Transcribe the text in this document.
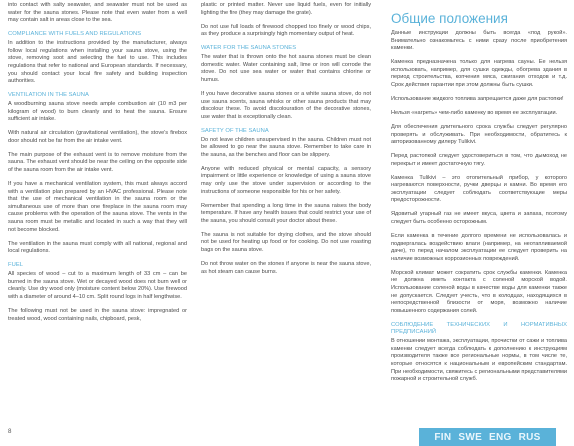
into contact with salty seawater, and seawater must not be used as water for the sauna stones. Please note that even water from a well may contain salt in areas close to the sea.

COMPLIANCE WITH FUELS AND REGULATIONS

In addition to the instructions provided by the manufacturer, always follow local regulations when installing your sauna stove, using the stove, removing soot and selecting the fuel to use. This includes regulations that refer to national and European standards. If necessary, you should contact your local fire safety and building inspection authorities.

VENTILATION IN THE SAUNA

A woodburning sauna stove needs ample combustion air (10 m3 per kilogram of wood) to burn cleanly and to heat the sauna. Ensure sufficient air intake.

With natural air circulation (gravitational ventilation), the stove's firebox door should not be far from the air intake vent.

The main purpose of the exhaust vent is to remove moisture from the sauna. The exhaust vent should be near the ceiling on the opposite side of the sauna room from the air intake vent.

If you have a mechanical ventilation system, this must always accord with a ventilation plan prepared by an HVAC professional. Please note that the use of mechanical ventilation in the sauna room or the simultaneous use of more than one fireplace in the sauna room may cause problems with the operation of the sauna stove. The vents in the sauna room must be metallic and located in such a way that they will not become blocked.

The ventilation in the sauna must comply with all national, regional and local regulations.

FUEL

All species of wood – cut to a maximum length of 33 cm – can be burned in the sauna stove. Wet or decayed wood does not burn well or cleanly. Use dry wood only (moisture content below 20%). Use firewood with a diameter of around 4–10 cm. Split round logs in half lengthwise.

The following must not be used in the sauna stove: impregnated or treated wood, wood containing nails, chipboard, pesk,

plastic or printed matter. Never use liquid fuels, even for initially lighting the fire (they may damage the grate).

Do not use full loads of firewood chopped too finely or wood chips, as they produce a surprisingly high momentary output of heat.

WATER FOR THE SAUNA STONES

The water that is thrown onto the hot sauna stones must be clean domestic water. Water containing salt, lime or iron will corrode the stove. Do not use sea water or water that contains chlorine or humus.

If you have decorative sauna stones or a white sauna stove, do not use sauna scents, sauna whisks or other sauna products that may discolour these. To avoid discolouration of the decorative stones, use water that is exceptionally clean.

SAFETY OF THE SAUNA

Do not leave children unsupervised in the sauna. Children must not be allowed to go near the sauna stove. Remember to take care in the sauna, as the benches and floor can be slippery.

Anyone with reduced physical or mental capacity, a sensory impairment or little experience or knowledge of using a sauna stove may only use the stove under supervision or according to the instructions of someone responsible for his or her safety.

Remember that spending a long time in the sauna raises the body temperature. If have any health issues that could restrict your use of the sauna, you should consult your doctor about these.

The sauna is not suitable for drying clothes, and the stove should not be used for heating up food or for cooking. Do not use roasting bags on the sauna stove.

Do not throw water on the stones if anyone is near the sauna stove, as hot steam can cause burns.

Общие положения

Данные инструкции должны быть всегда «под рукой». Внимательно ознакомьтесь с ними сразу после приобретения каменки.

Каменка предназначена только для нагрева сауны. Ее нельзя использовать, например, для сушки одежды, обогрева здания в период строительства, копчения мяса, сжигания отходов и т.д. Срок действия гарантии при этом должны быть сушки.

Использование жидкого топлива запрещается даже для растопки!

Нельзя «нагреть» чем-либо каменку во время ее эксплуатации.

Для обеспечения длительного срока службы следует регулярно проверять и обслуживать. При необходимости, обратитесь к авторизованному дилеру Tulikivi.

Перед растопкой следует удостовериться в том, что дымоход не перекрыт и имеет достаточную тягу.

Каменка Tulikivi – это отопительный прибор, у которого нагреваются поверхности, ручки дверцы и камни. Во время его эксплуатации следует соблюдать соответствующие меры предосторожности.

Ядовитый угарный газ не имеет вкуса, цвета и запаха, поэтому следует быть особенно осторожным.

Если каменка в течение долгого времени не использовалась и подвергалась воздействию влаги (например, на неотапливаемой даче), то перед началом эксплуатации ее следует проверить на наличие возможных коррозионных повреждений.

Морской климат может сократить срок службы каменки. Каменка не должна иметь контакта с соленой морской водой. Использование соленой воды в качестве воды для каменки также не допускается. Следует учесть, что в колодцах, находящихся в непосредственной близости от моря, возможно наличие повышенного содержания солей.

СОБЛЮДЕНИЕ ТЕХНИЧЕСКИХ И НОРМАТИВНЫХ ПРЕДПИСАНИЙ

В отношении монтажа, эксплуатации, прочистки от сажи и топлива каменки следует всегда соблюдать к дополнению к инструкциям производителя также все региональные нормы, в том числе те, которые относятся к национальным и европейским стандартам. При необходимости, свяжитесь с региональными представителями пожарной и строительной служб.

8	FIN SWE ENG RUS
